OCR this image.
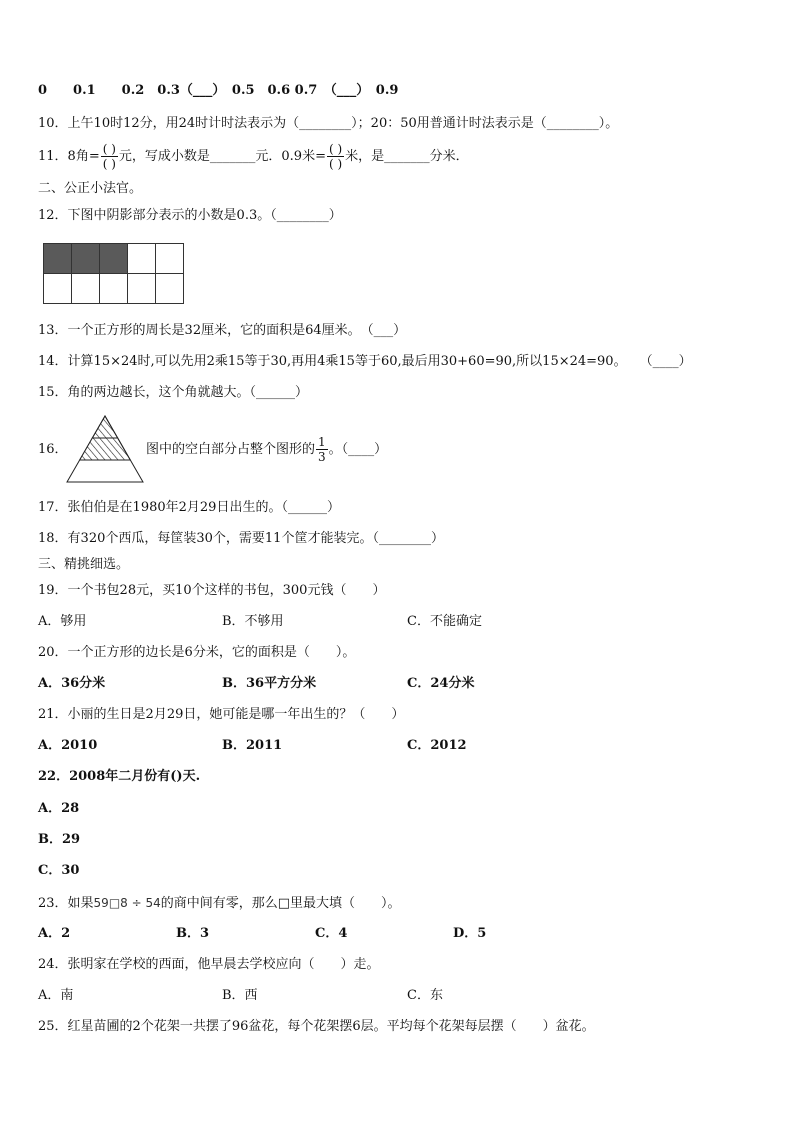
0　　0.1　　0.2　0.3（___）　0.5　0.6 0.7　（___）　0.9
10．上午10时12分，用24时计时法表示为（________）；20：50用普通计时法表示是（________）。
11．8角= $\frac{( )}{( )}$ 元，写成小数是_______元．0.9米= $\frac{( )}{( )}$ 米，是_______分米．
二、公正小法官。
12．下图中阴影部分表示的小数是0.3。（________）

13．一个正方形的周长是32厘米，它的面积是64厘米。　（___）
14．计算15×24时,可以先用2乘15等于30,再用4乘15等于60,最后用30+60=90,所以15×24=90。　　（____）
15．角的两边越长，这个角就越大。（______）
16．	图中的空白部分占整个图形的 $\frac{1}{3}$ 。（____）
17．张伯伯是在1980年2月29日出生的。（______）
18．有320个西瓜，每筐装30个，需要11个筐才能装完。（________）
三、精挑细选。
19．一个书包28元，买10个这样的书包，300元钱（　　）
A．够用	B．不够用	C．不能确定
20．一个正方形的边长是6分米，它的面积是（　　）。
A．36分米	B．36平方分米	C．24分米
21．小丽的生日是2月29日，她可能是哪一年出生的？（　　）
A．2010	B．2011	C．2012
22．2008年二月份有()天.
A．28
B．29
C．30
23．如果59□8 ÷ 54的商中间有零，那么□里最大填（　　）。
A．2	B．3	C．4	D．5
24．张明家在学校的西面，他早晨去学校应向（　　）走。
A．南	B．西	C．东
25．红星苗圃的2个花架一共摆了96盆花，每个花架摆6层。平均每个花架每层摆（　　）盆花。
